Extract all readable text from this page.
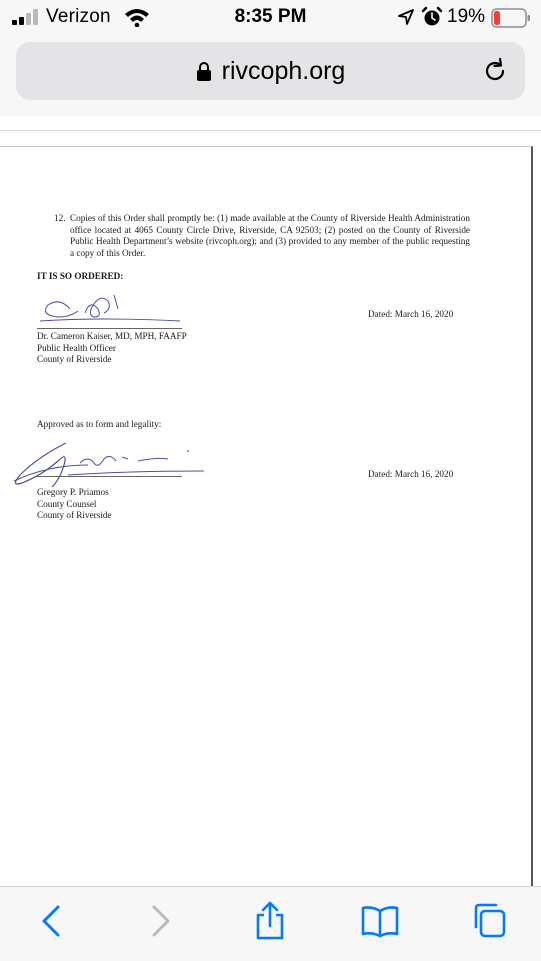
Verizon	8:35 PM	19%
rivcoph.org
12. Copies of this Order shall promptly be: (1) made available at the County of Riverside Health Administration office located at 4065 County Circle Drive, Riverside, CA 92503; (2) posted on the County of Riverside Public Health Department’s website (rivcoph.org); and (3) provided to any member of the public requesting a copy of this Order.
IT IS SO ORDERED:
Dated: March 16, 2020
Dr. Cameron Kaiser, MD, MPH, FAAFP
Public Health Officer
County of Riverside
Approved as to form and legality:
Dated: March 16, 2020
Gregory P. Priamos
County Counsel
County of Riverside
